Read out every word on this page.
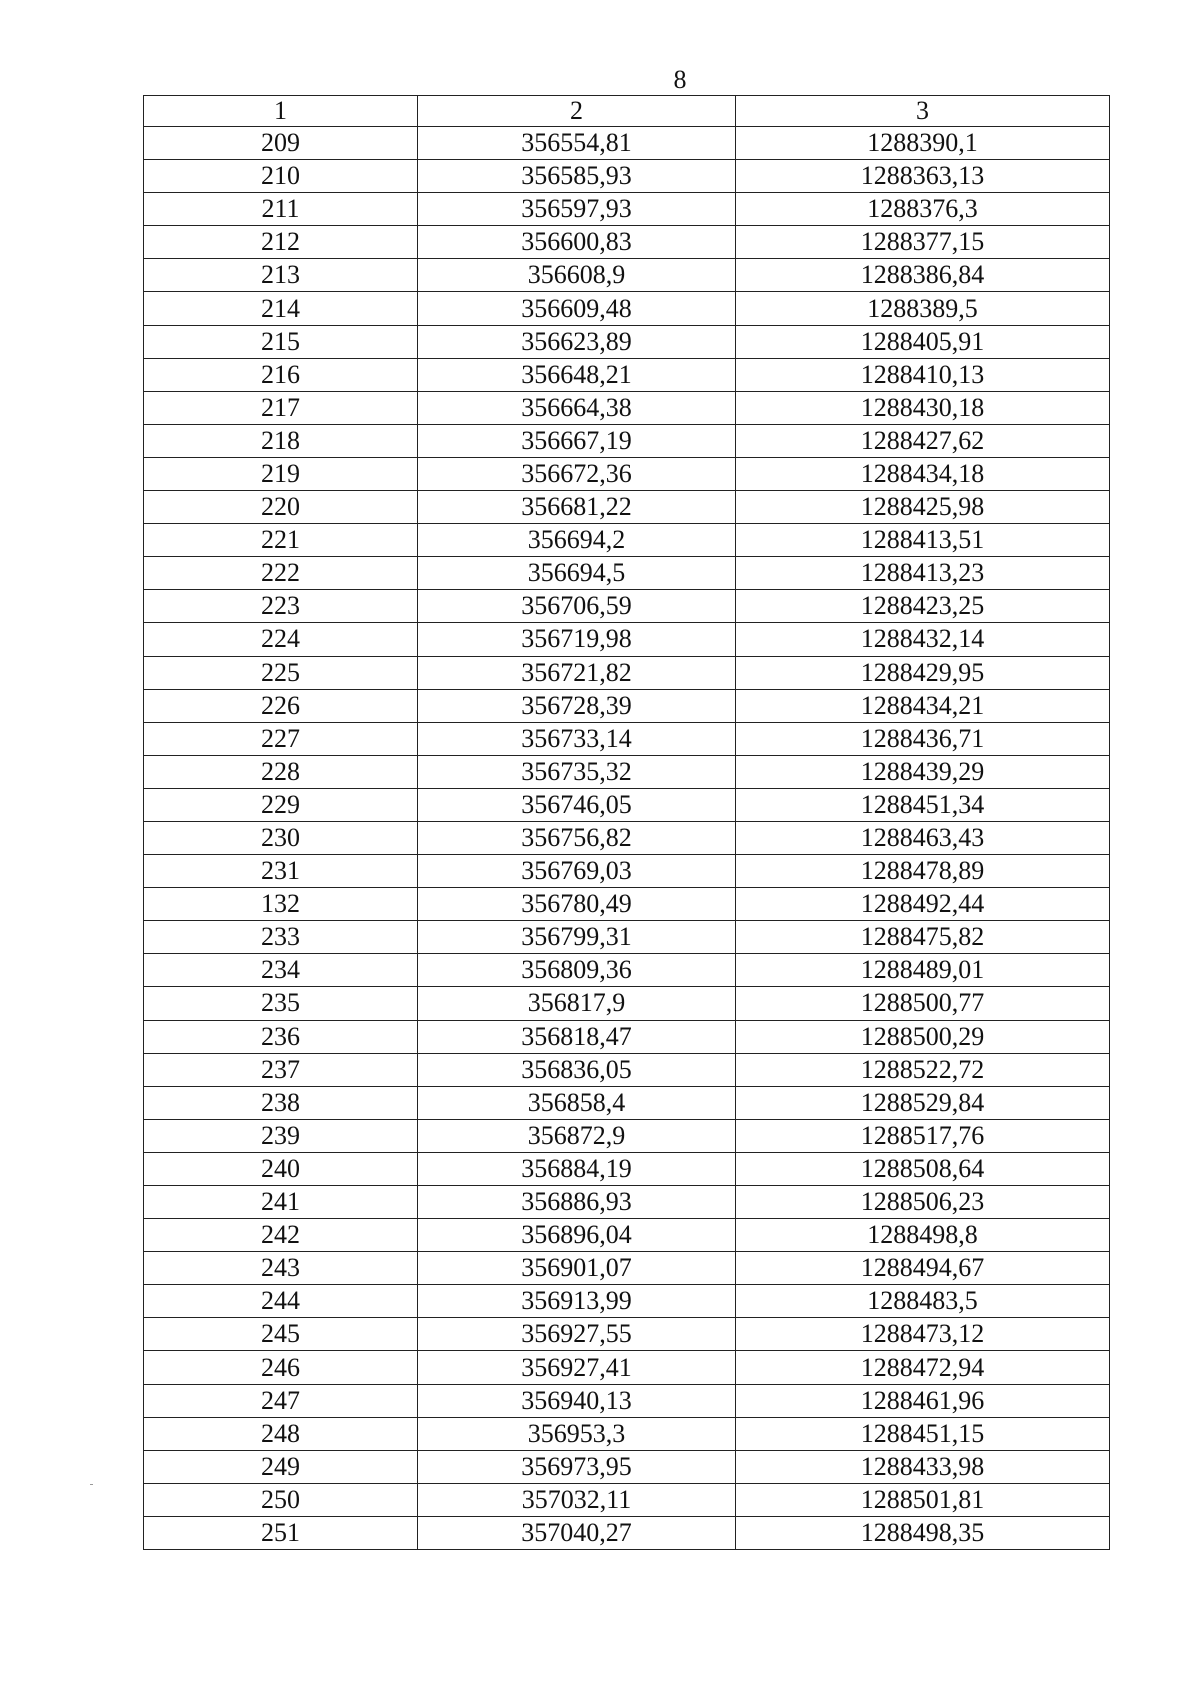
8
1	2	3
209	356554,81	1288390,1
210	356585,93	1288363,13
211	356597,93	1288376,3
212	356600,83	1288377,15
213	356608,9	1288386,84
214	356609,48	1288389,5
215	356623,89	1288405,91
216	356648,21	1288410,13
217	356664,38	1288430,18
218	356667,19	1288427,62
219	356672,36	1288434,18
220	356681,22	1288425,98
221	356694,2	1288413,51
222	356694,5	1288413,23
223	356706,59	1288423,25
224	356719,98	1288432,14
225	356721,82	1288429,95
226	356728,39	1288434,21
227	356733,14	1288436,71
228	356735,32	1288439,29
229	356746,05	1288451,34
230	356756,82	1288463,43
231	356769,03	1288478,89
132	356780,49	1288492,44
233	356799,31	1288475,82
234	356809,36	1288489,01
235	356817,9	1288500,77
236	356818,47	1288500,29
237	356836,05	1288522,72
238	356858,4	1288529,84
239	356872,9	1288517,76
240	356884,19	1288508,64
241	356886,93	1288506,23
242	356896,04	1288498,8
243	356901,07	1288494,67
244	356913,99	1288483,5
245	356927,55	1288473,12
246	356927,41	1288472,94
247	356940,13	1288461,96
248	356953,3	1288451,15
249	356973,95	1288433,98
250	357032,11	1288501,81
251	357040,27	1288498,35
